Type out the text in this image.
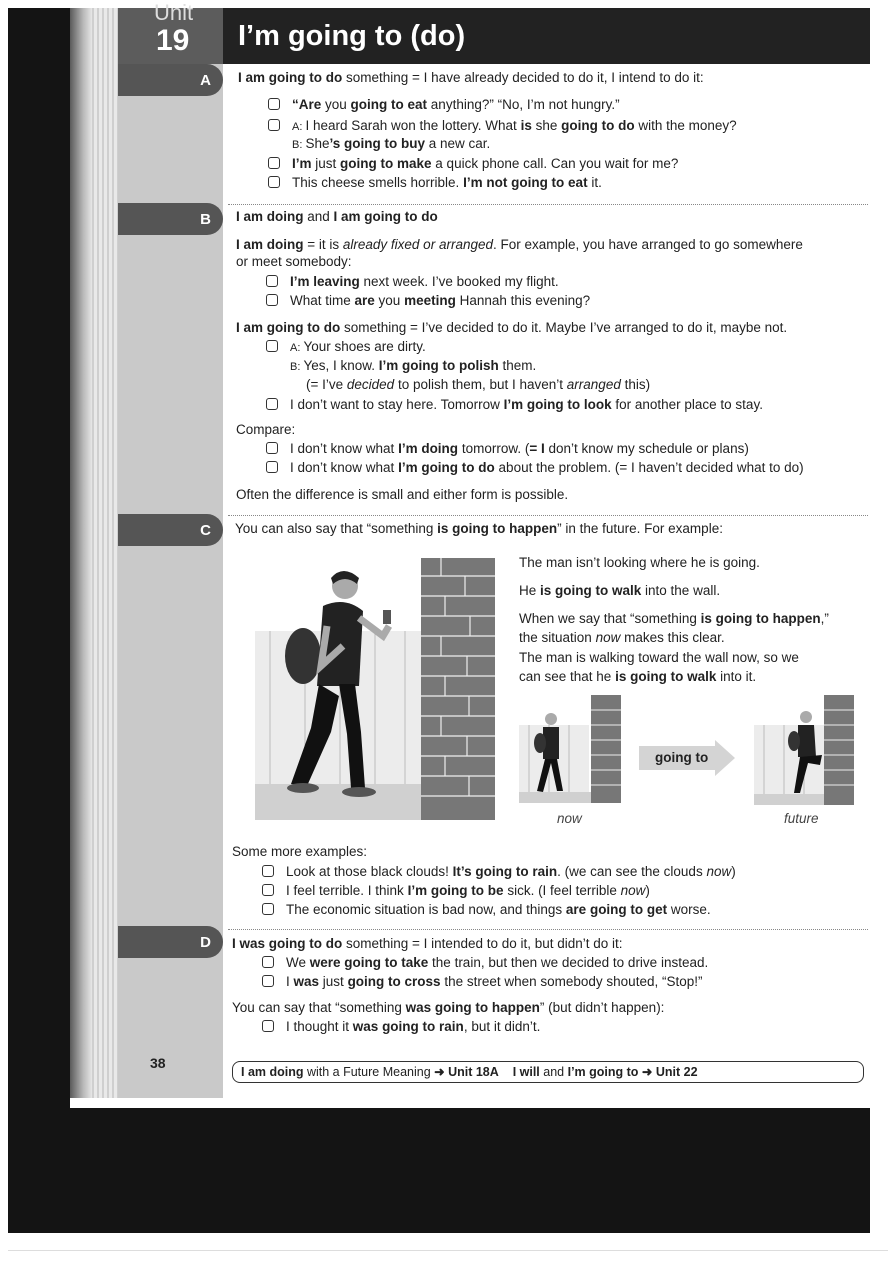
Unit
19	I’m going to (do)
A
B
C
D
I am going to do something = I have already decided to do it, I intend to do it:
“Are you going to eat anything?” “No, I’m not hungry.”
A: I heard Sarah won the lottery. What is she going to do with the money?
B: She’s going to buy a new car.
I’m just going to make a quick phone call. Can you wait for me?
This cheese smells horrible. I’m not going to eat it.
I am doing and I am going to do
I am doing = it is already fixed or arranged. For example, you have arranged to go somewhere
or meet somebody:
I’m leaving next week. I’ve booked my flight.
What time are you meeting Hannah this evening?
I am going to do something = I’ve decided to do it. Maybe I’ve arranged to do it, maybe not.
A: Your shoes are dirty.
B: Yes, I know. I’m going to polish them.
(= I’ve decided to polish them, but I haven’t arranged this)
I don’t want to stay here. Tomorrow I’m going to look for another place to stay.
Compare:
I don’t know what I’m doing tomorrow. (= I don’t know my schedule or plans)
I don’t know what I’m going to do about the problem. (= I haven’t decided what to do)
Often the difference is small and either form is possible.
You can also say that “something is going to happen” in the future. For example:
The man isn’t looking where he is going.
He is going to walk into the wall.
When we say that “something is going to happen,”
the situation now makes this clear.
The man is walking toward the wall now, so we
can see that he is going to walk into it.
now
going to
future
Some more examples:
Look at those black clouds! It’s going to rain. (we can see the clouds now)
I feel terrible. I think I’m going to be sick. (I feel terrible now)
The economic situation is bad now, and things are going to get worse.
I was going to do something = I intended to do it, but didn’t do it:
We were going to take the train, but then we decided to drive instead.
I was just going to cross the street when somebody shouted, “Stop!”
You can say that “something was going to happen” (but didn’t happen):
I thought it was going to rain, but it didn’t.
38
I am doing with a Future Meaning ➜ Unit 18A I will and I’m going to ➜ Unit 22
